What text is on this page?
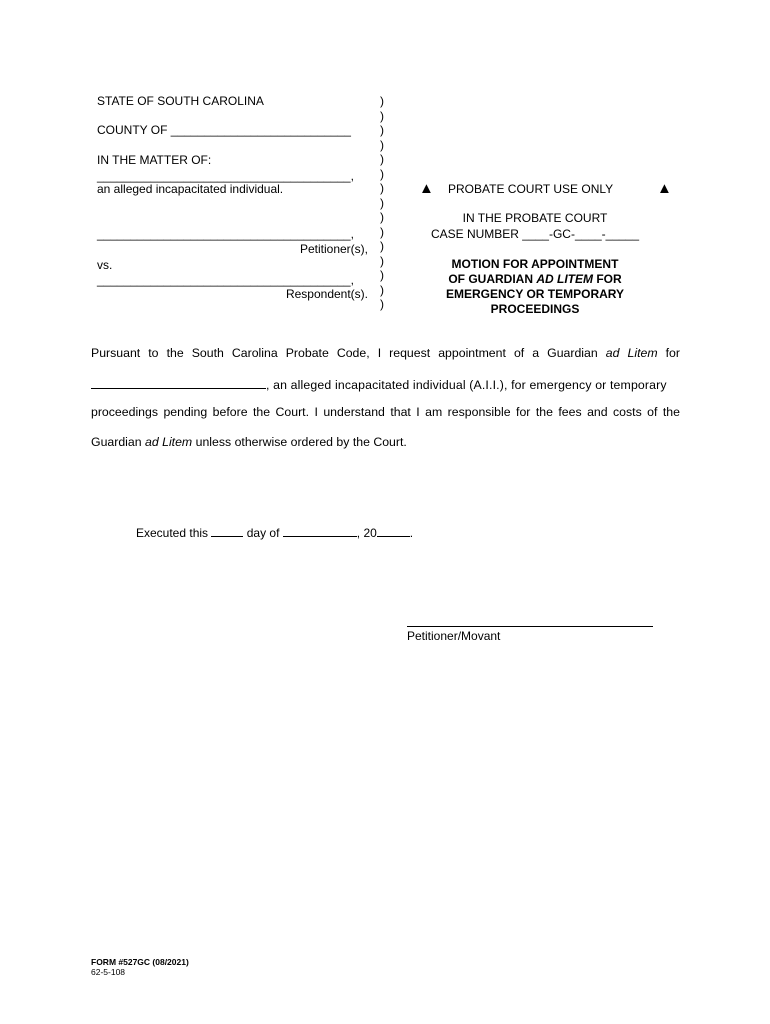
STATE OF SOUTH CAROLINA
COUNTY OF ___________________________
IN THE MATTER OF:
______________________________________,
an alleged incapacitated individual.
______________________________________,
Petitioner(s),
vs.
______________________________________,
Respondent(s).
)
)
)
)
)
)
)
)
)
)
)
)
)
)
)
▲ PROBATE COURT USE ONLY	▲
IN THE PROBATE COURT
CASE NUMBER ____-GC-____-_____
MOTION FOR APPOINTMENT
OF GUARDIAN AD LITEM FOR
EMERGENCY OR TEMPORARY
PROCEEDINGS
Pursuant to the South Carolina Probate Code, I request appointment of a Guardian ad Litem for
, an alleged incapacitated individual (A.I.I.), for emergency or temporary
proceedings pending before the Court. I understand that I am responsible for the fees and costs of the
Guardian ad Litem unless otherwise ordered by the Court.
Executed this	day of	, 20	.
Petitioner/Movant
FORM #527GC (08/2021)
62-5-108
